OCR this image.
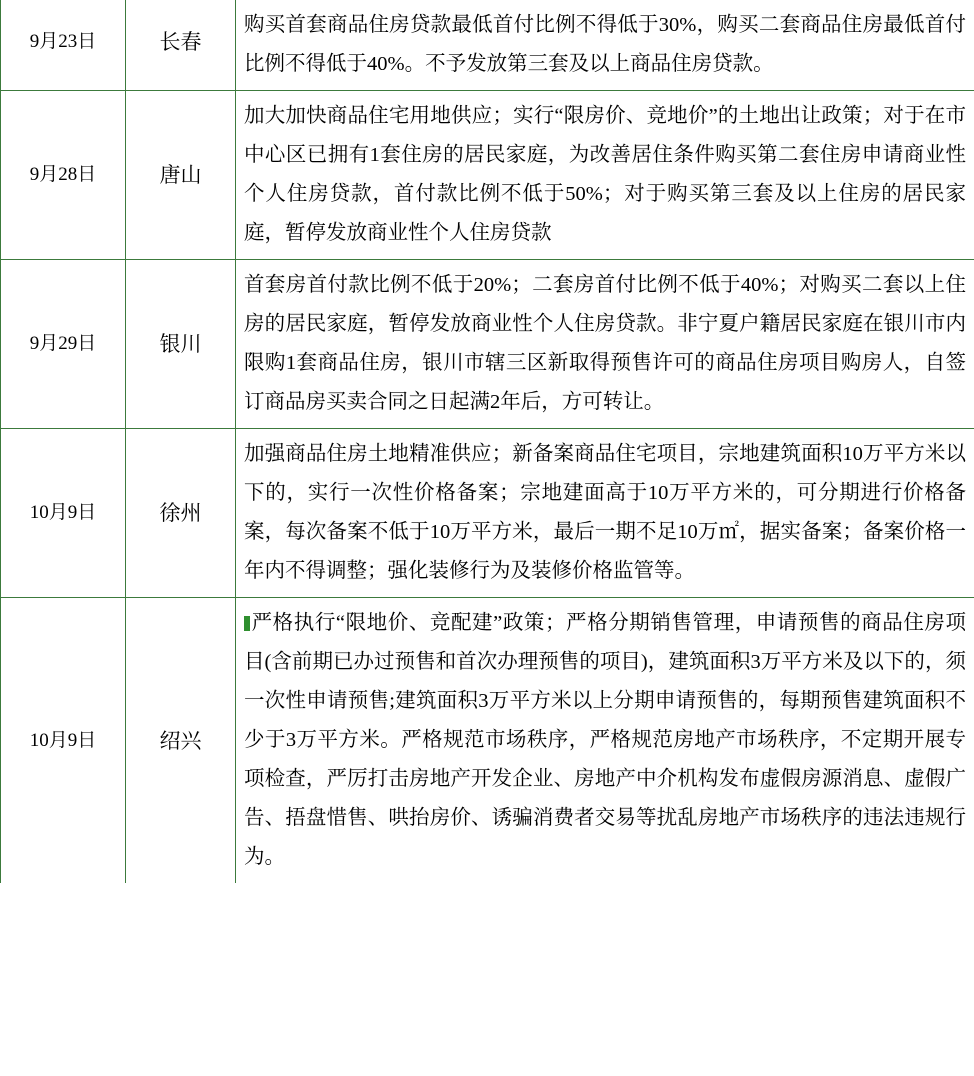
9月23日	长春	购买首套商品住房贷款最低首付比例不得低于30%，购买二套商品住房最低首付比例不得低于40%。不予发放第三套及以上商品住房贷款。

9月28日	唐山	加大加快商品住宅用地供应；实行“限房价、竞地价”的土地出让政策；对于在市中心区已拥有1套住房的居民家庭，为改善居住条件购买第二套住房申请商业性个人住房贷款，首付款比例不低于50%；对于购买第三套及以上住房的居民家庭，暂停发放商业性个人住房贷款

9月29日	银川	首套房首付款比例不低于20%；二套房首付比例不低于40%；对购买二套以上住房的居民家庭，暂停发放商业性个人住房贷款。非宁夏户籍居民家庭在银川市内限购1套商品住房，银川市辖三区新取得预售许可的商品住房项目购房人，自签订商品房买卖合同之日起满2年后，方可转让。

10月9日	徐州	加强商品住房土地精准供应；新备案商品住宅项目，宗地建筑面积10万平方米以下的，实行一次性价格备案；宗地建面高于10万平方米的，可分期进行价格备案，每次备案不低于10万平方米，最后一期不足10万㎡，据实备案；备案价格一年内不得调整；强化装修行为及装修价格监管等。

10月9日	绍兴	严格执行“限地价、竞配建”政策；严格分期销售管理，申请预售的商品住房项目(含前期已办过预售和首次办理预售的项目)，建筑面积3万平方米及以下的，须一次性申请预售;建筑面积3万平方米以上分期申请预售的，每期预售建筑面积不少于3万平方米。严格规范市场秩序，严格规范房地产市场秩序，不定期开展专项检查，严厉打击房地产开发企业、房地产中介机构发布虚假房源消息、虚假广告、捂盘惜售、哄抬房价、诱骗消费者交易等扰乱房地产市场秩序的违法违规行为。
